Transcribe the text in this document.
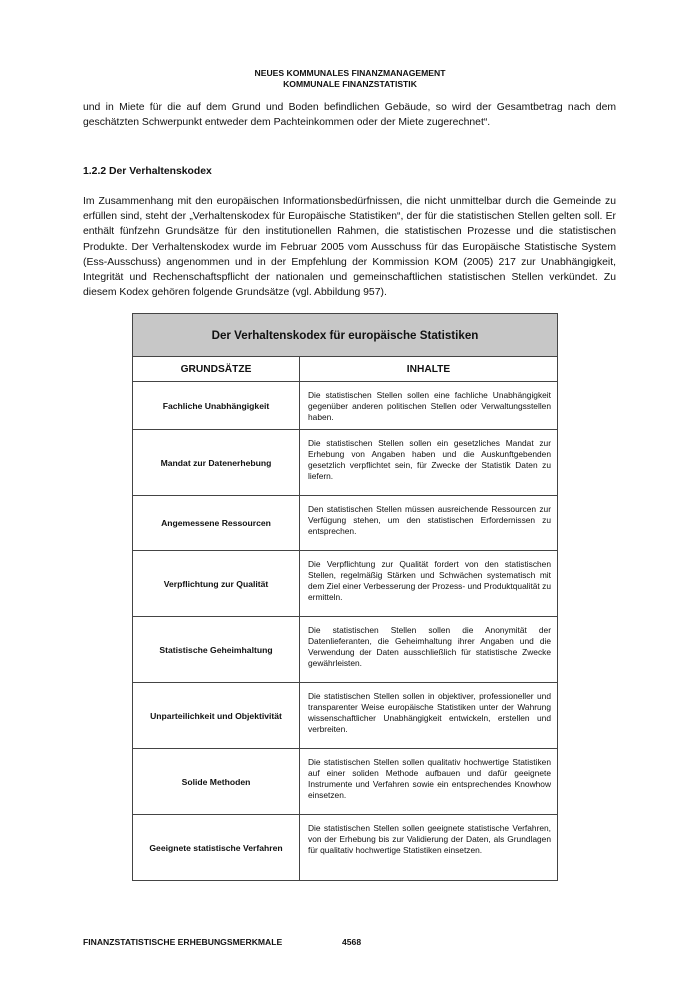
NEUES KOMMUNALES FINANZMANAGEMENT
KOMMUNALE FINANZSTATISTIK
und in Miete für die auf dem Grund und Boden befindlichen Gebäude, so wird der Gesamtbetrag nach dem geschätzten Schwerpunkt entweder dem Pachteinkommen oder der Miete zugerechnet“.
1.2.2 Der Verhaltenskodex
Im Zusammenhang mit den europäischen Informationsbedürfnissen, die nicht unmittelbar durch die Gemeinde zu erfüllen sind, steht der „Verhaltenskodex für Europäische Statistiken“, der für die statistischen Stellen gelten soll. Er enthält fünfzehn Grundsätze für den institutionellen Rahmen, die statistischen Prozesse und die statistischen Produkte. Der Verhaltenskodex wurde im Februar 2005 vom Ausschuss für das Europäische Statistische System (Ess-Ausschuss) angenommen und in der Empfehlung der Kommission KOM (2005) 217 zur Unabhängigkeit, Integrität und Rechenschaftspflicht der nationalen und gemeinschaftlichen statistischen Stellen verkündet. Zu diesem Kodex gehören folgende Grundsätze (vgl. Abbildung 957).
Der Verhaltenskodex für europäische Statistiken	
GRUNDSÄTZE	INHALTE
Fachliche Unabhängigkeit	Die statistischen Stellen sollen eine fachliche Unabhängigkeit gegenüber anderen politischen Stellen oder Verwaltungsstellen haben.
Mandat zur Datenerhebung	Die statistischen Stellen sollen ein gesetzliches Mandat zur Erhebung von Angaben haben und die Auskunftgebenden gesetzlich verpflichtet sein, für Zwecke der Statistik Daten zu liefern.
Angemessene Ressourcen	Den statistischen Stellen müssen ausreichende Ressourcen zur Verfügung stehen, um den statistischen Erfordernissen zu entsprechen.
Verpflichtung zur Qualität	Die Verpflichtung zur Qualität fordert von den statistischen Stellen, regelmäßig Stärken und Schwächen systematisch mit dem Ziel einer Verbesserung der Prozess- und Produktqualität zu ermitteln.
Statistische Geheimhaltung	Die statistischen Stellen sollen die Anonymität der Datenlieferanten, die Geheimhaltung ihrer Angaben und die Verwendung der Daten ausschließlich für statistische Zwecke gewährleisten.
Unparteilichkeit und Objektivität	Die statistischen Stellen sollen in objektiver, professioneller und transparenter Weise europäische Statistiken unter der Wahrung wissenschaftlicher Unabhängigkeit entwickeln, erstellen und verbreiten.
Solide Methoden	Die statistischen Stellen sollen qualitativ hochwertige Statistiken auf einer soliden Methode aufbauen und dafür geeignete Instrumente und Verfahren sowie ein entsprechendes Knowhow einsetzen.
Geeignete statistische Verfahren	Die statistischen Stellen sollen geeignete statistische Verfahren, von der Erhebung bis zur Validierung der Daten, als Grundlagen für qualitativ hochwertige Statistiken einsetzen.
FINANZSTATISTISCHE ERHEBUNGSMERKMALE	4568
